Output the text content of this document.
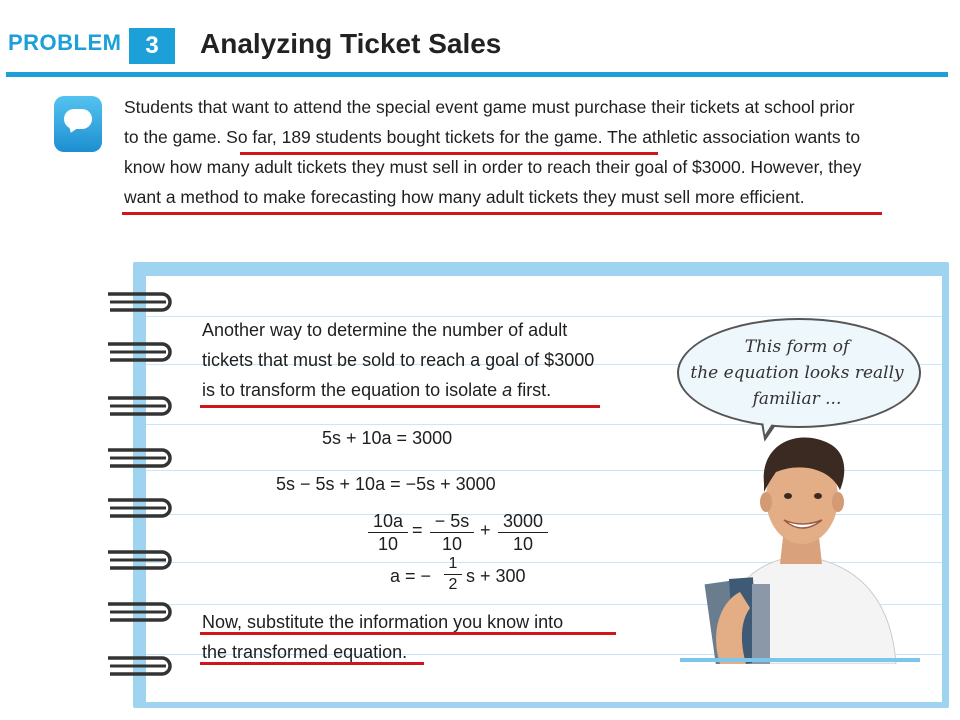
PROBLEM 3	Analyzing Ticket Sales
Students that want to attend the special event game must purchase their tickets at school prior
to the game. So far, 189 students bought tickets for the game. The athletic association wants to
know how many adult tickets they must sell in order to reach their goal of $3000. However, they
want a method to make forecasting how many adult tickets they must sell more efficient.
Another way to determine the number of adult
tickets that must be sold to reach a goal of $3000
is to transform the equation to isolate a first.
5s + 10a = 3000
5s − 5s + 10a = −5s + 3000
$\frac{10a}{10} = \frac{- 5s}{10} + \frac{3000}{10}$
a = − $\frac{1}{2}$ s + 300
Now, substitute the information you know into
the transformed equation.
This form of
the equation looks really
familiar ...
